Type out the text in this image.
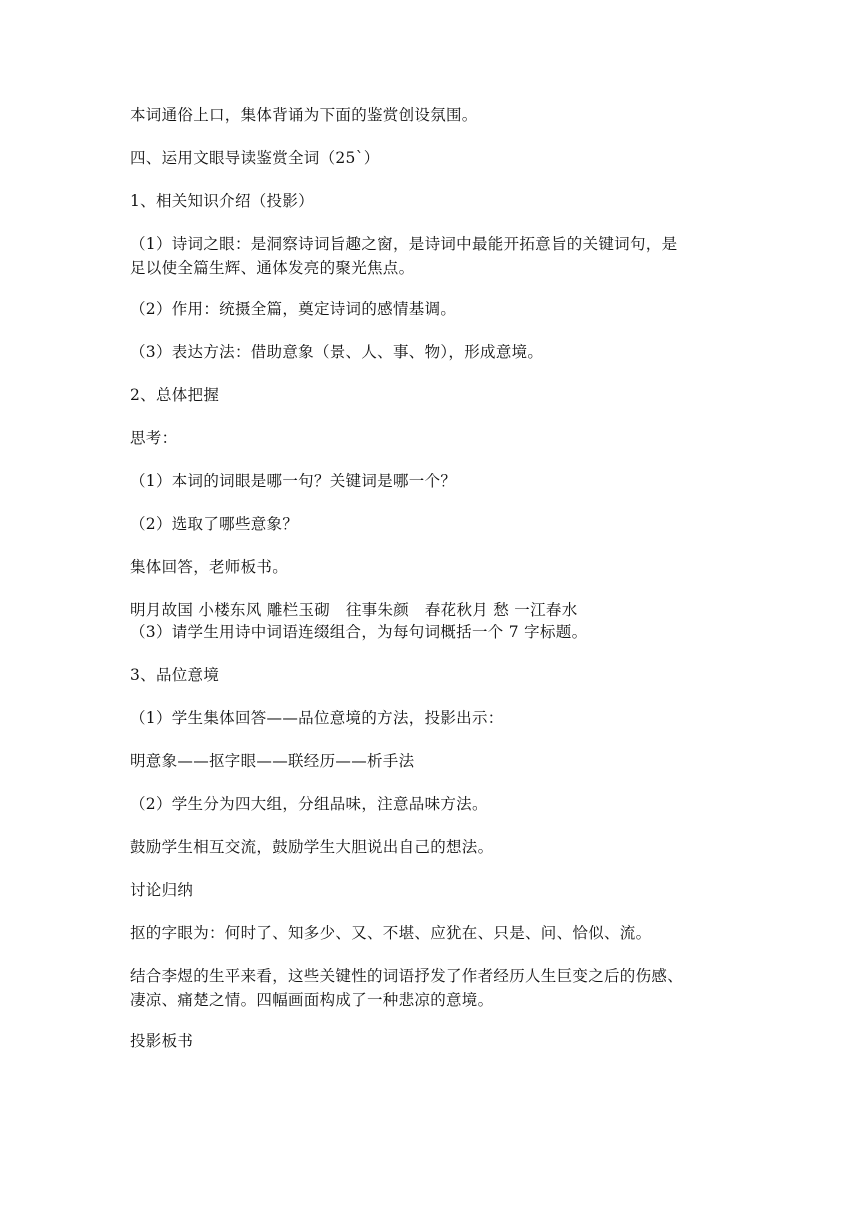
本词通俗上口，集体背诵为下面的鉴赏创设氛围。
四、运用文眼导读鉴赏全词（25`）
1、相关知识介绍（投影）
（1）诗词之眼：是洞察诗词旨趣之窗，是诗词中最能开拓意旨的关键词句，是
足以使全篇生辉、通体发亮的聚光焦点。
（2）作用：统摄全篇，奠定诗词的感情基调。
（3）表达方法：借助意象（景、人、事、物），形成意境。
2、总体把握
思考：
（1）本词的词眼是哪一句？关键词是哪一个？
（2）选取了哪些意象？
集体回答，老师板书。
明月故国 小楼东风 雕栏玉砌　往事朱颜　春花秋月 愁 一江春水
（3）请学生用诗中词语连缀组合，为每句词概括一个 7 字标题。
3、品位意境
（1）学生集体回答——品位意境的方法，投影出示：
明意象——抠字眼——联经历——析手法
（2）学生分为四大组，分组品味，注意品味方法。
鼓励学生相互交流，鼓励学生大胆说出自己的想法。
讨论归纳
抠的字眼为：何时了、知多少、又、不堪、应犹在、只是、问、恰似、流。
结合李煜的生平来看，这些关键性的词语抒发了作者经历人生巨变之后的伤感、
凄凉、痛楚之情。四幅画面构成了一种悲凉的意境。
投影板书
